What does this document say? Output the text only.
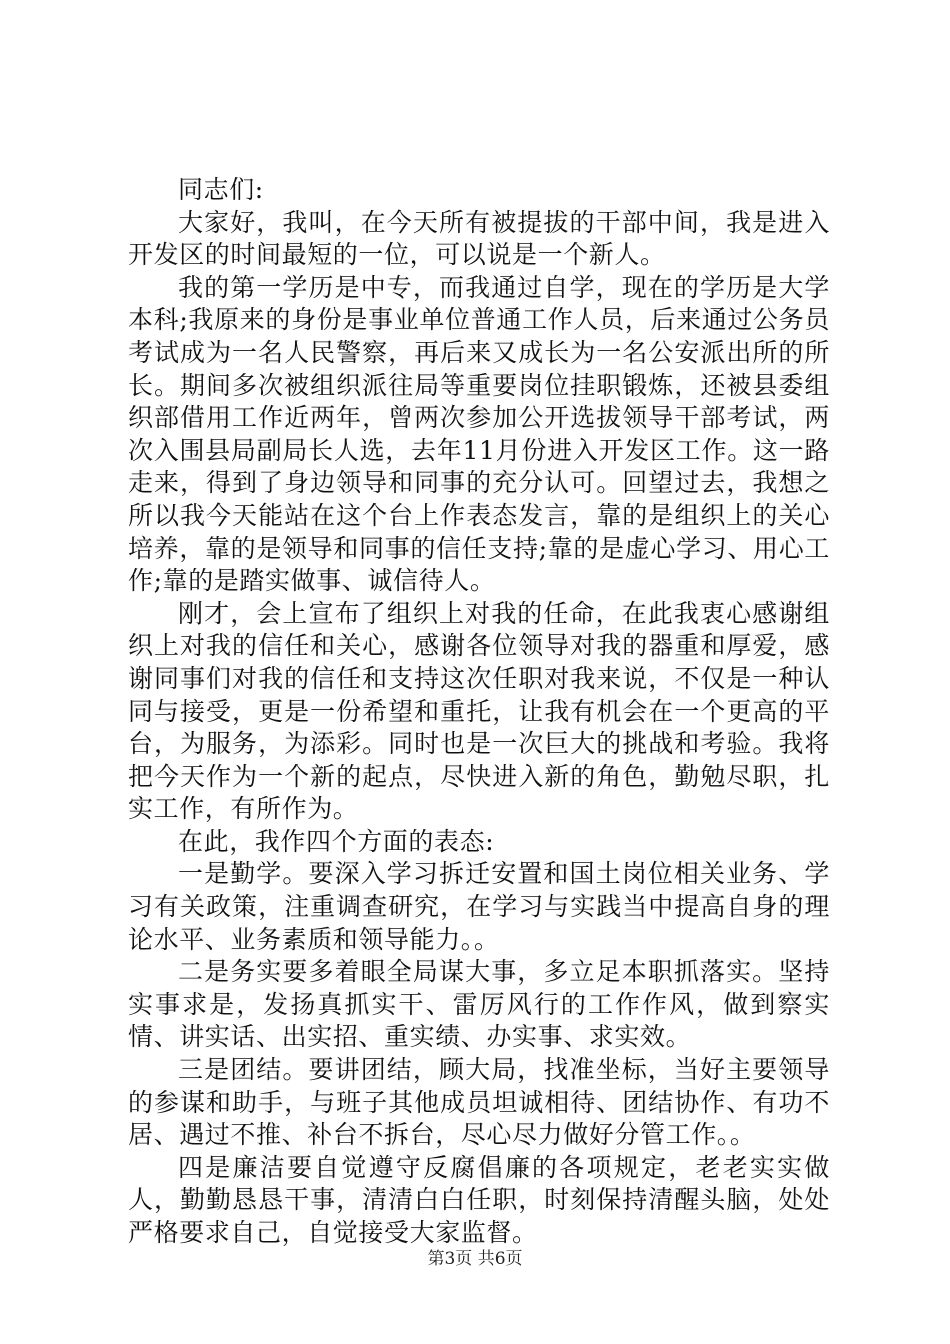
同志们:

大家好，我叫，在今天所有被提拔的干部中间，我是进入开发区的时间最短的一位，可以说是一个新人。

我的第一学历是中专，而我通过自学，现在的学历是大学本科;我原来的身份是事业单位普通工作人员，后来通过公务员考试成为一名人民警察，再后来又成长为一名公安派出所的所长。期间多次被组织派往局等重要岗位挂职锻炼，还被县委组织部借用工作近两年，曾两次参加公开选拔领导干部考试，两次入围县局副局长人选，去年11月份进入开发区工作。这一路走来，得到了身边领导和同事的充分认可。回望过去，我想之所以我今天能站在这个台上作表态发言，靠的是组织上的关心培养，靠的是领导和同事的信任支持;靠的是虚心学习、用心工作;靠的是踏实做事、诚信待人。

刚才，会上宣布了组织上对我的任命，在此我衷心感谢组织上对我的信任和关心，感谢各位领导对我的器重和厚爱，感谢同事们对我的信任和支持这次任职对我来说，不仅是一种认同与接受，更是一份希望和重托，让我有机会在一个更高的平台，为服务，为添彩。同时也是一次巨大的挑战和考验。我将把今天作为一个新的起点，尽快进入新的角色，勤勉尽职，扎实工作，有所作为。

在此，我作四个方面的表态:

一是勤学。要深入学习拆迁安置和国土岗位相关业务、学习有关政策，注重调查研究，在学习与实践当中提高自身的理论水平、业务素质和领导能力。。

二是务实要多着眼全局谋大事，多立足本职抓落实。坚持实事求是，发扬真抓实干、雷厉风行的工作作风，做到察实情、讲实话、出实招、重实绩、办实事、求实效。

三是团结。要讲团结，顾大局，找准坐标，当好主要领导的参谋和助手，与班子其他成员坦诚相待、团结协作、有功不居、遇过不推、补台不拆台，尽心尽力做好分管工作。。

四是廉洁要自觉遵守反腐倡廉的各项规定，老老实实做人，勤勤恳恳干事，清清白白任职，时刻保持清醒头脑，处处严格要求自己，自觉接受大家监督。

第3页 共6页
